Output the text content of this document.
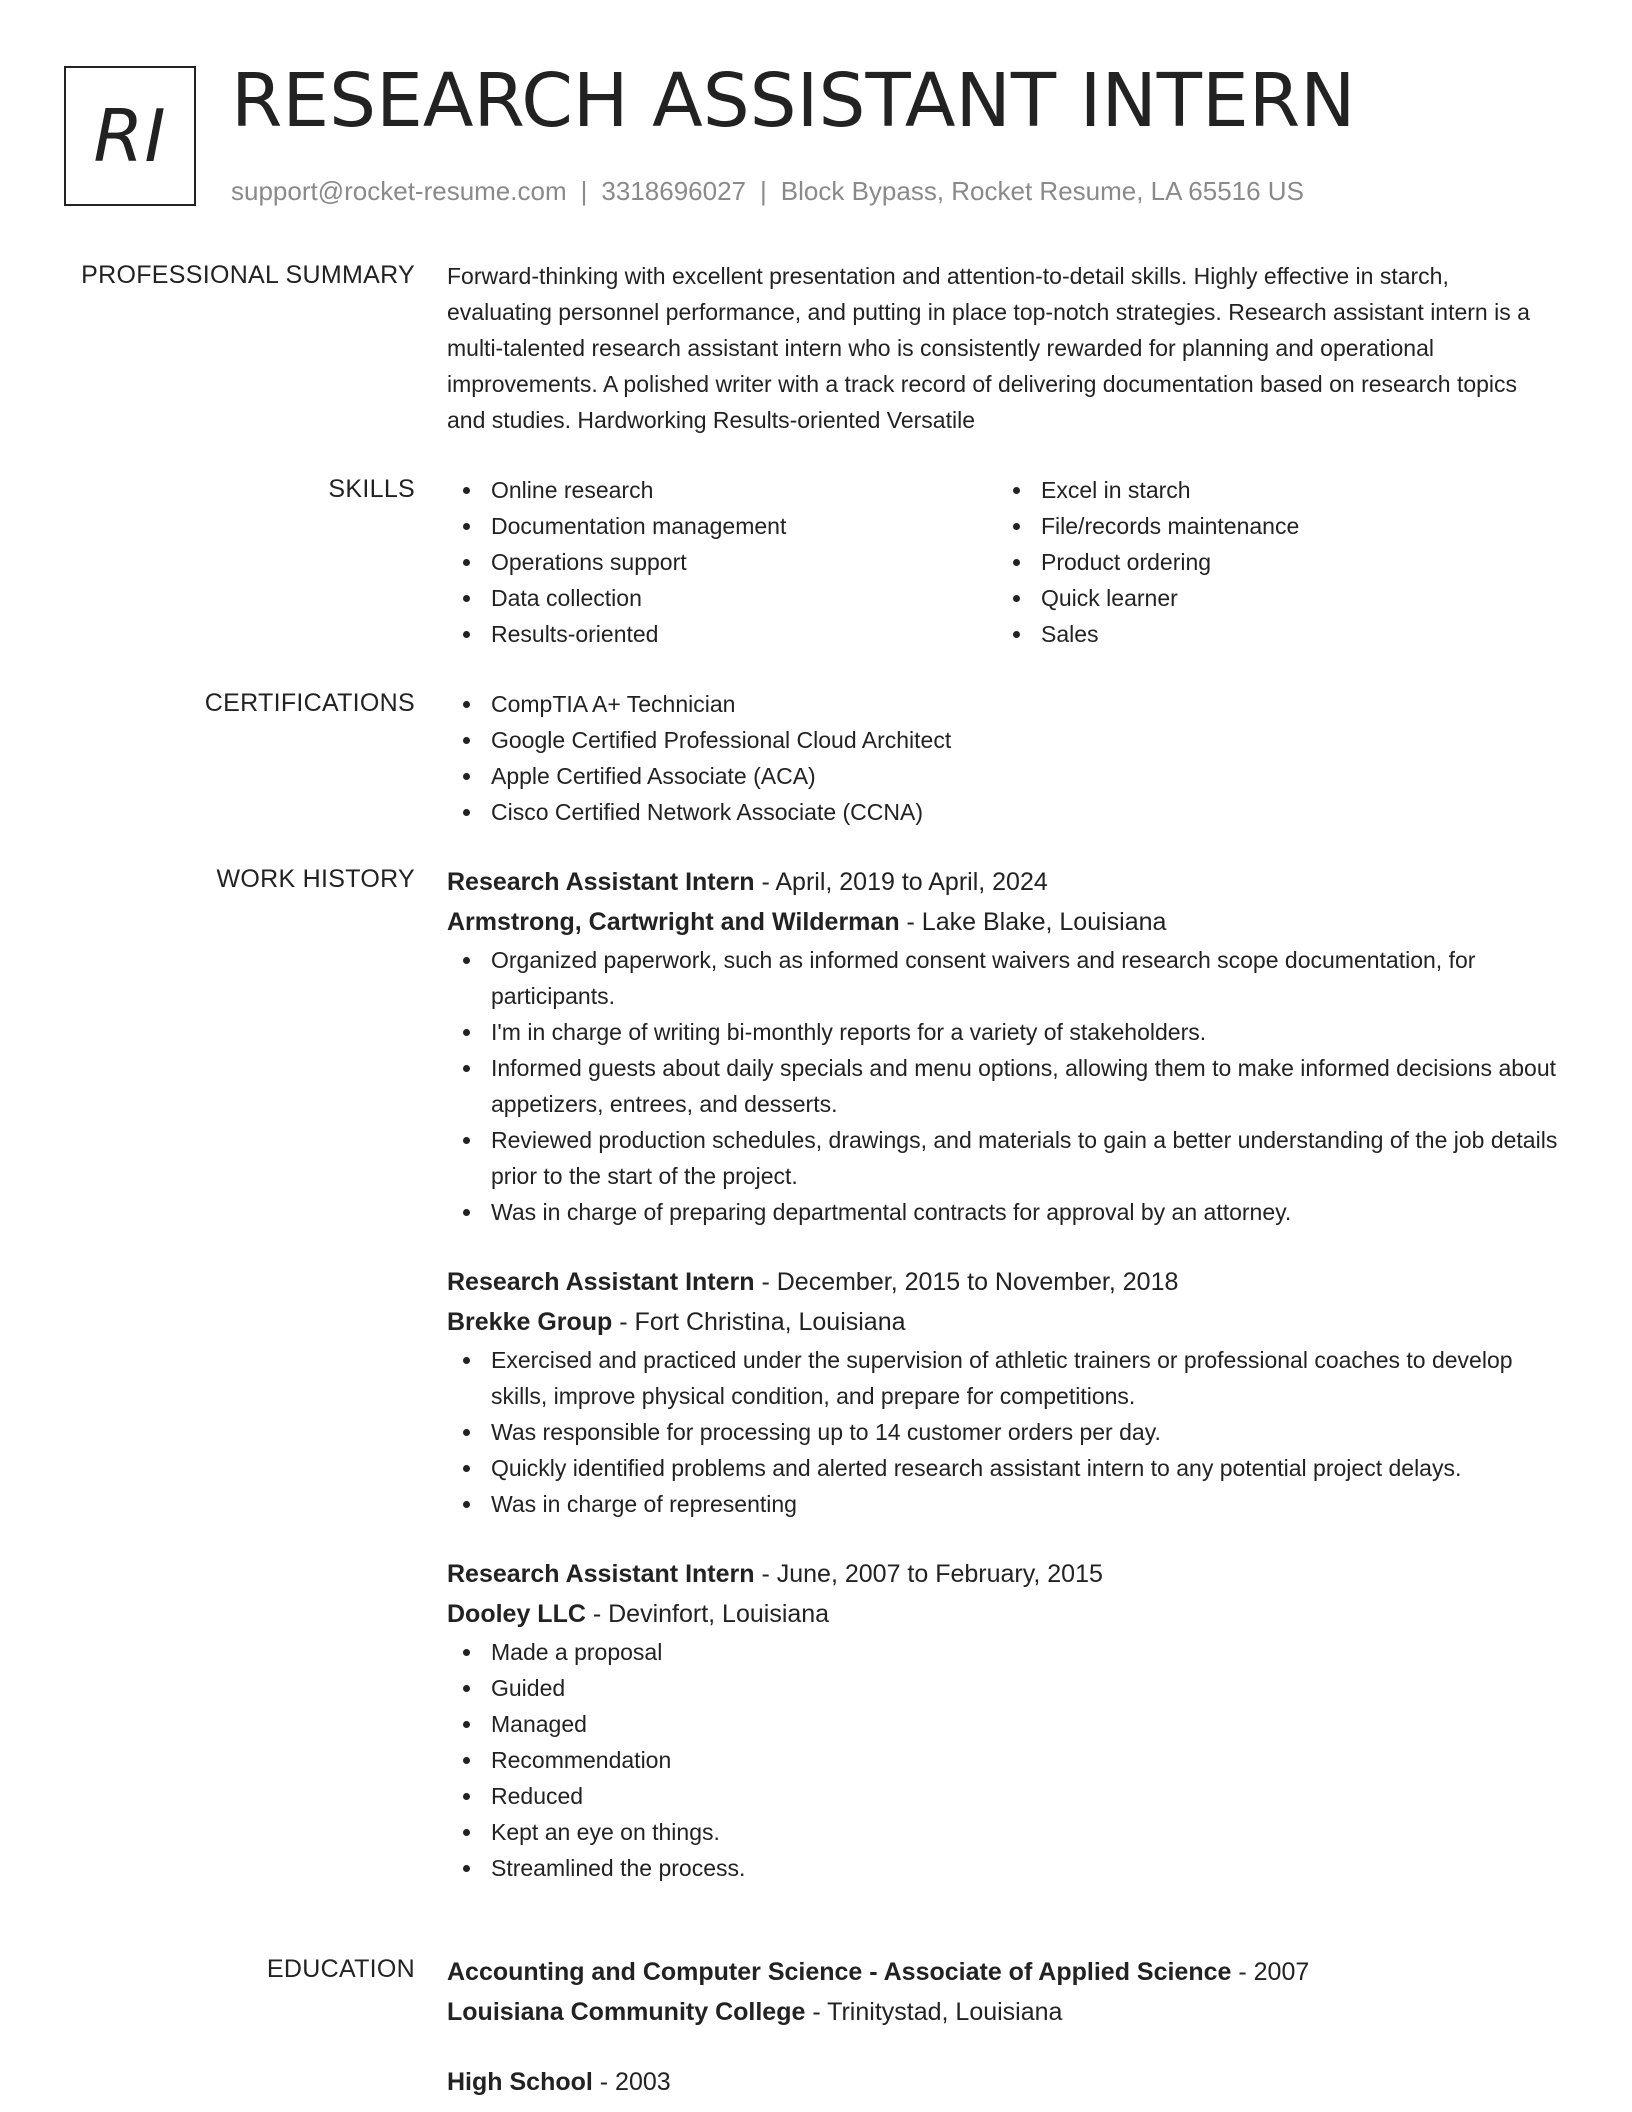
RI RESEARCH ASSISTANT INTERN
support@rocket-resume.com | 3318696027 | Block Bypass, Rocket Resume, LA 65516 US
PROFESSIONAL SUMMARY Forward-thinking with excellent presentation and attention-to-detail skills. Highly effective in starch, evaluating personnel performance, and putting in place top-notch strategies. Research assistant intern is a multi-talented research assistant intern who is consistently rewarded for planning and operational improvements. A polished writer with a track record of delivering documentation based on research topics and studies. Hardworking Results-oriented Versatile

SKILLS	Online research
Documentation management
Operations support
Data collection
Results-oriented
Excel in starch
File/records maintenance
Product ordering
Quick learner
Sales
CERTIFICATIONS	CompTIA A+ Technician
Google Certified Professional Cloud Architect
Apple Certified Associate (ACA)
Cisco Certified Network Associate (CCNA)
WORK HISTORY Research Assistant Intern - April, 2019 to April, 2024
Armstrong, Cartwright and Wilderman - Lake Blake, Louisiana
Organized paperwork, such as informed consent waivers and research scope documentation, for participants.
I'm in charge of writing bi-monthly reports for a variety of stakeholders.
Informed guests about daily specials and menu options, allowing them to make informed decisions about appetizers, entrees, and desserts.
Reviewed production schedules, drawings, and materials to gain a better understanding of the job details prior to the start of the project.
Was in charge of preparing departmental contracts for approval by an attorney.
Research Assistant Intern - December, 2015 to November, 2018
Brekke Group - Fort Christina, Louisiana
Exercised and practiced under the supervision of athletic trainers or professional coaches to develop skills, improve physical condition, and prepare for competitions.
Was responsible for processing up to 14 customer orders per day.
Quickly identified problems and alerted research assistant intern to any potential project delays.
Was in charge of representing
Research Assistant Intern - June, 2007 to February, 2015
Dooley LLC - Devinfort, Louisiana
Made a proposal
Guided
Managed
Recommendation
Reduced
Kept an eye on things.
Streamlined the process.
EDUCATION Accounting and Computer Science - Associate of Applied Science - 2007
Louisiana Community College - Trinitystad, Louisiana
High School - 2003
